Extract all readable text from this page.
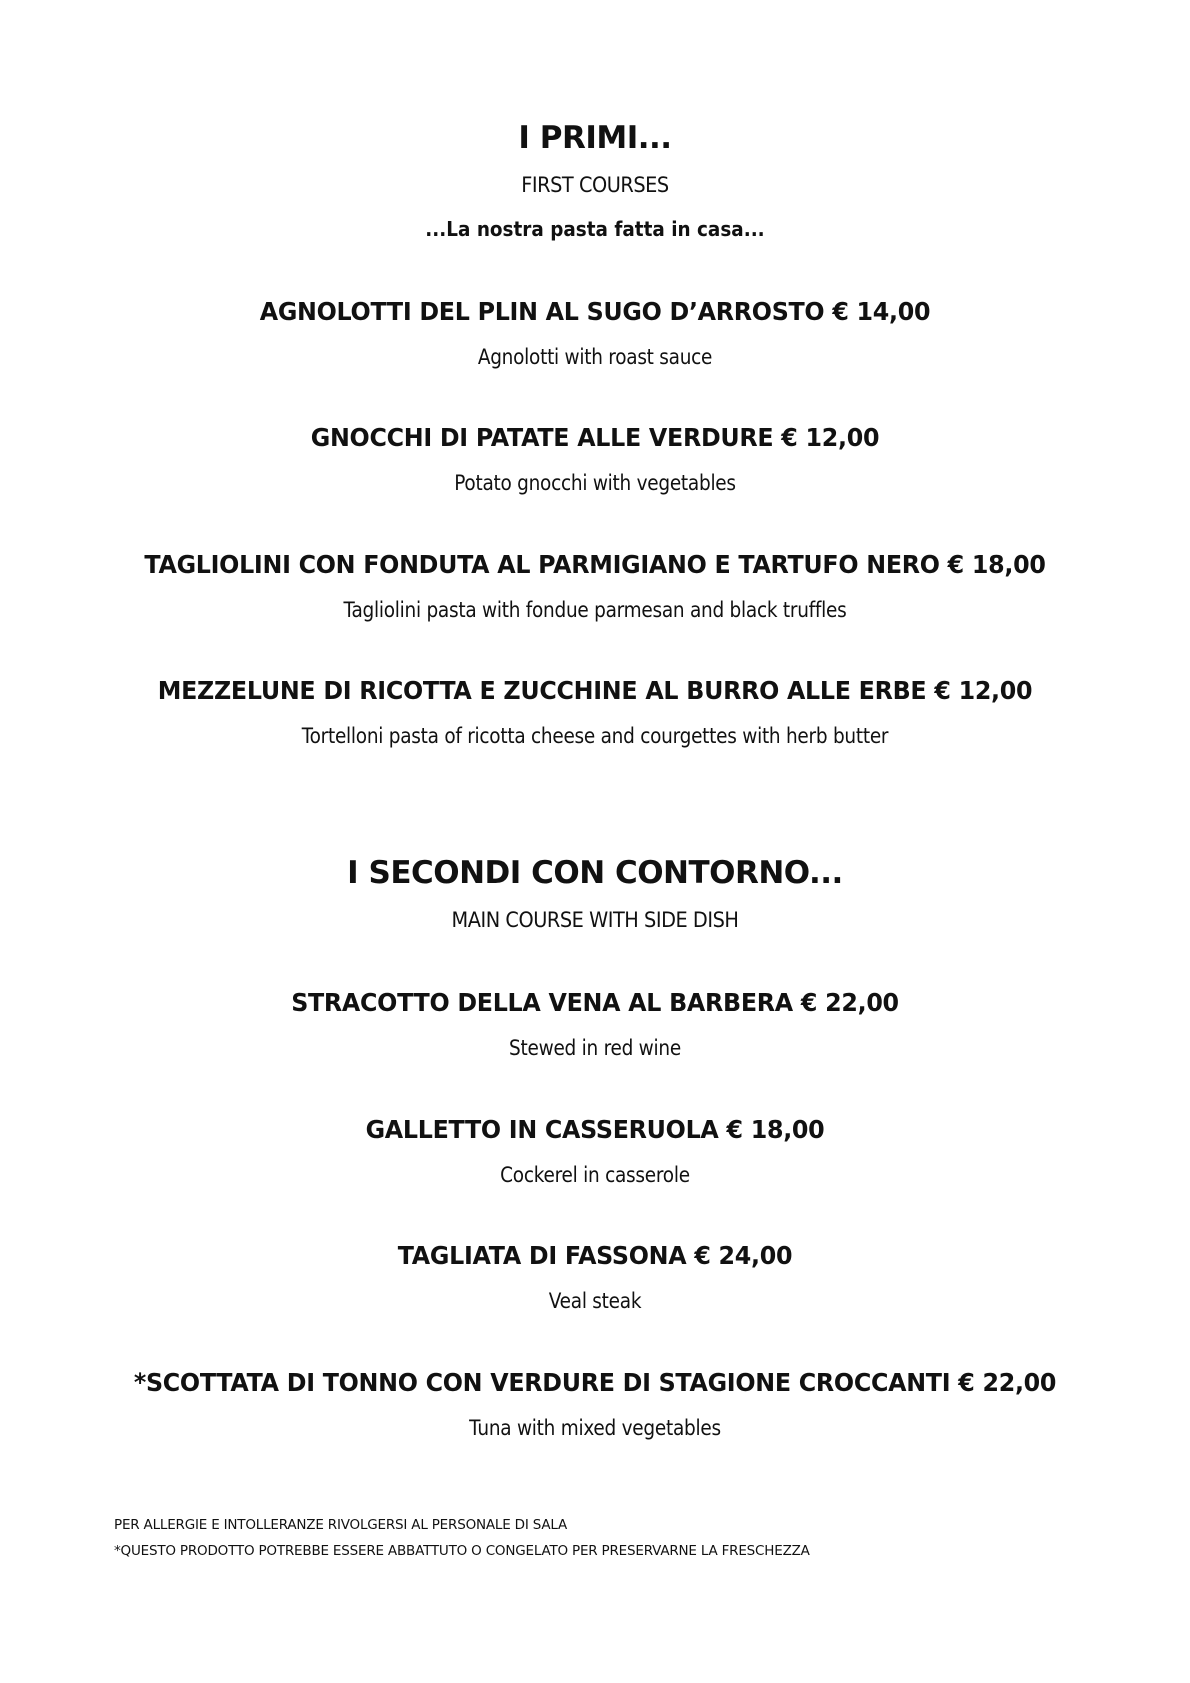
I PRIMI...
FIRST COURSES
...La nostra pasta fatta in casa...
AGNOLOTTI DEL PLIN AL SUGO D’ARROSTO € 14,00
Agnolotti with roast sauce
GNOCCHI DI PATATE ALLE VERDURE € 12,00
Potato gnocchi with vegetables
TAGLIOLINI CON FONDUTA AL PARMIGIANO E TARTUFO NERO € 18,00
Tagliolini pasta with fondue parmesan and black truffles
MEZZELUNE DI RICOTTA E ZUCCHINE AL BURRO ALLE ERBE € 12,00
Tortelloni pasta of ricotta cheese and courgettes with herb butter
I SECONDI CON CONTORNO...
MAIN COURSE WITH SIDE DISH
STRACOTTO DELLA VENA AL BARBERA € 22,00
Stewed in red wine
GALLETTO IN CASSERUOLA € 18,00
Cockerel in casserole
TAGLIATA DI FASSONA € 24,00
Veal steak
*SCOTTATA DI TONNO CON VERDURE DI STAGIONE CROCCANTI € 22,00
Tuna with mixed vegetables

PER ALLERGIE E INTOLLERANZE RIVOLGERSI AL PERSONALE DI SALA

*QUESTO PRODOTTO POTREBBE ESSERE ABBATTUTO O CONGELATO PER PRESERVARNE LA FRESCHEZZA
